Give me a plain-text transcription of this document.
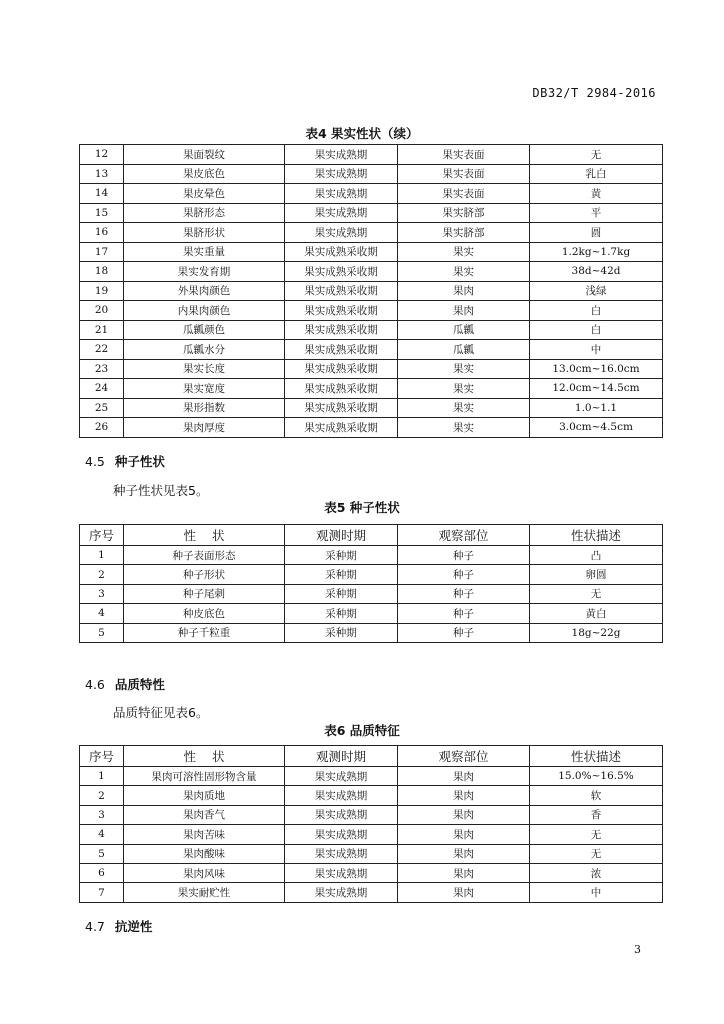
DB32/T 2984-2016
表4 果实性状（续）
12	果面裂纹	果实成熟期	果实表面	无
13	果皮底色	果实成熟期	果实表面	乳白
14	果皮晕色	果实成熟期	果实表面	黄
15	果脐形态	果实成熟期	果实脐部	平
16	果脐形状	果实成熟期	果实脐部	圆
17	果实重量	果实成熟采收期	果实	1.2kg~1.7kg
18	果实发育期	果实成熟采收期	果实	38d~42d
19	外果肉颜色	果实成熟采收期	果肉	浅绿
20	内果肉颜色	果实成熟采收期	果肉	白
21	瓜瓤颜色	果实成熟采收期	瓜瓤	白
22	瓜瓤水分	果实成熟采收期	瓜瓤	中
23	果实长度	果实成熟采收期	果实	13.0cm~16.0cm
24	果实宽度	果实成熟采收期	果实	12.0cm~14.5cm
25	果形指数	果实成熟采收期	果实	1.0~1.1
26	果肉厚度	果实成熟采收期	果实	3.0cm~4.5cm
4.5 种子性状
种子性状见表5。
表5 种子性状
序号	性    状	观测时期	观察部位	性状描述
1	种子表面形态	采种期	种子	凸
2	种子形状	采种期	种子	卵圆
3	种子尾刺	采种期	种子	无
4	种皮底色	采种期	种子	黄白
5	种子千粒重	采种期	种子	18g~22g
4.6 品质特性
品质特征见表6。
表6 品质特征
序号	性    状	观测时期	观察部位	性状描述
1	果肉可溶性固形物含量	果实成熟期	果肉	15.0%~16.5%
2	果肉质地	果实成熟期	果肉	软
3	果肉香气	果实成熟期	果肉	香
4	果肉苦味	果实成熟期	果肉	无
5	果肉酸味	果实成熟期	果肉	无
6	果肉风味	果实成熟期	果肉	浓
7	果实耐贮性	果实成熟期	果肉	中
4.7 抗逆性
3
